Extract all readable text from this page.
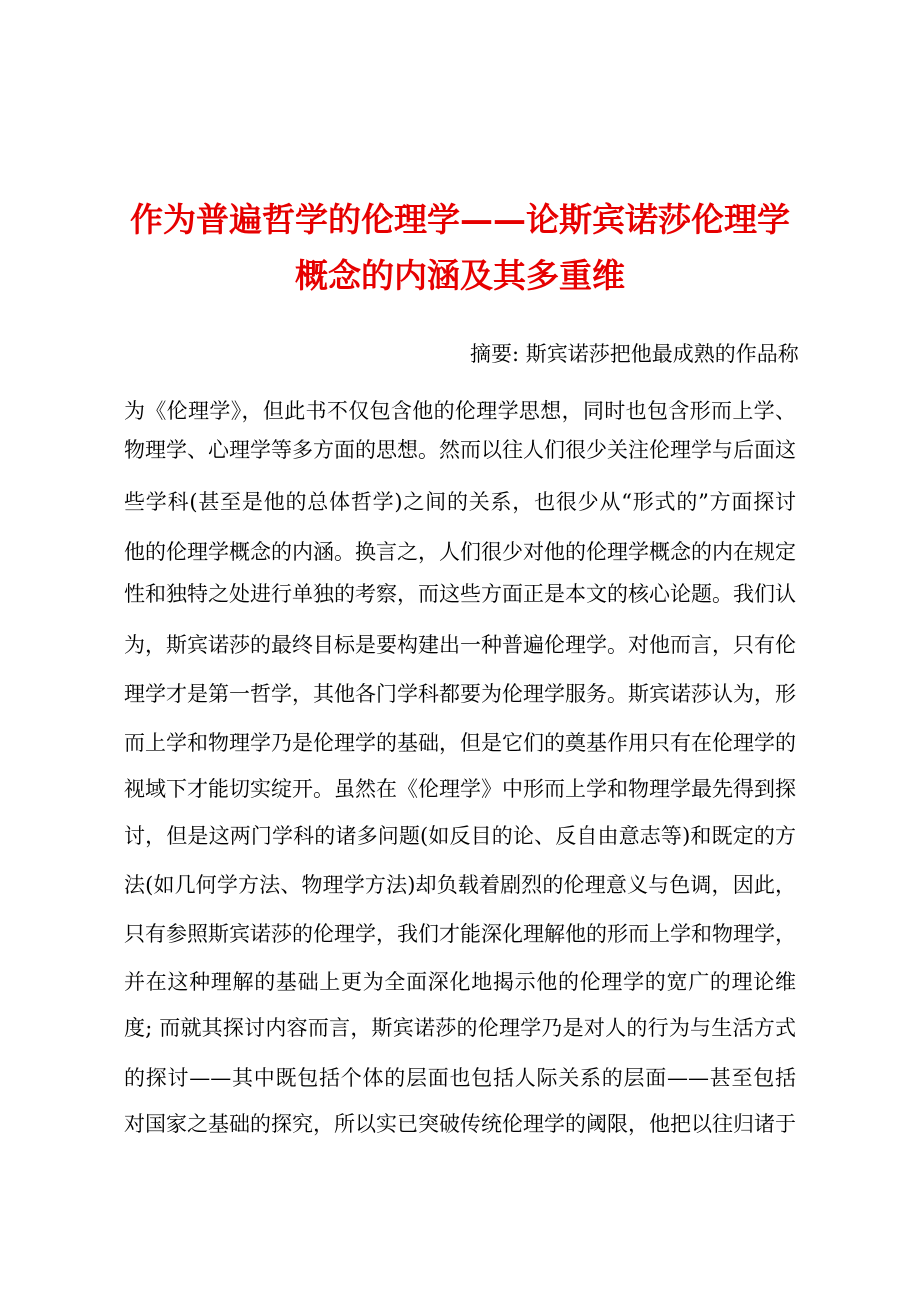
作为普遍哲学的伦理学——论斯宾诺莎伦理学
概念的内涵及其多重维
摘要: 斯宾诺莎把他最成熟的作品称
为《伦理学》，但此书不仅包含他的伦理学思想，同时也包含形而上学、
物理学、心理学等多方面的思想。然而以往人们很少关注伦理学与后面这
些学科(甚至是他的总体哲学)之间的关系，也很少从“形式的”方面探讨
他的伦理学概念的内涵。换言之，人们很少对他的伦理学概念的内在规定
性和独特之处进行单独的考察，而这些方面正是本文的核心论题。我们认
为，斯宾诺莎的最终目标是要构建出一种普遍伦理学。对他而言，只有伦
理学才是第一哲学，其他各门学科都要为伦理学服务。斯宾诺莎认为，形
而上学和物理学乃是伦理学的基础，但是它们的奠基作用只有在伦理学的
视域下才能切实绽开。虽然在《伦理学》中形而上学和物理学最先得到探
讨，但是这两门学科的诸多问题(如反目的论、反自由意志等)和既定的方
法(如几何学方法、物理学方法)却负载着剧烈的伦理意义与色调，因此，
只有参照斯宾诺莎的伦理学，我们才能深化理解他的形而上学和物理学，
并在这种理解的基础上更为全面深化地揭示他的伦理学的宽广的理论维
度; 而就其探讨内容而言，斯宾诺莎的伦理学乃是对人的行为与生活方式
的探讨——其中既包括个体的层面也包括人际关系的层面——甚至包括
对国家之基础的探究，所以实已突破传统伦理学的阈限，他把以往归诸于
